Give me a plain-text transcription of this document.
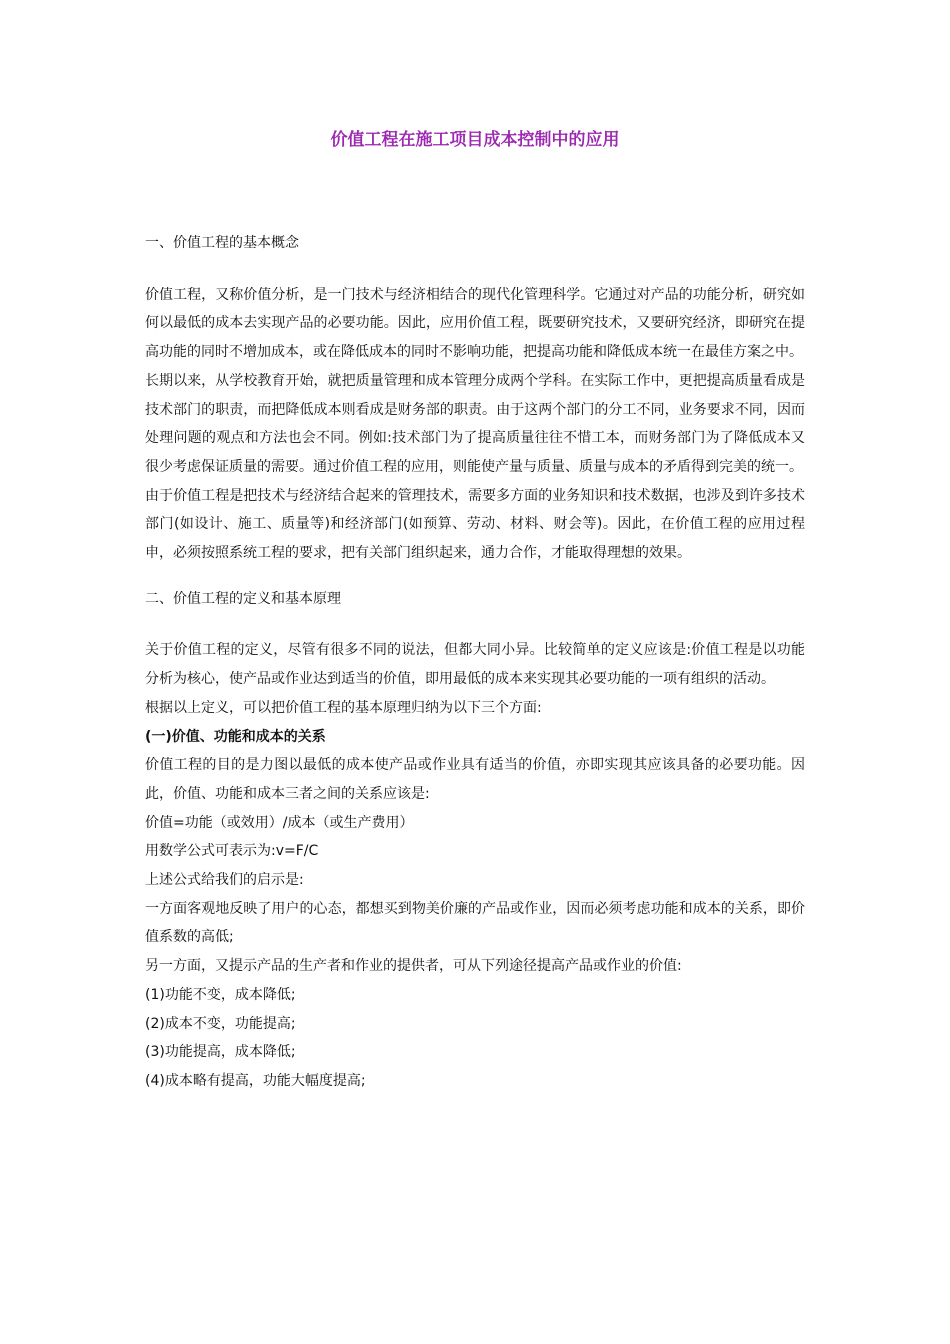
价值工程在施工项目成本控制中的应用

一、价值工程的基本概念

价值工程，又称价值分析，是一门技术与经济相结合的现代化管理科学。它通过对产品的功能分析，研究如何以最低的成本去实现产品的必要功能。因此，应用价值工程，既要研究技术，又要研究经济，即研究在提高功能的同时不增加成本，或在降低成本的同时不影响功能，把提高功能和降低成本统一在最佳方案之中。

长期以来，从学校教育开始，就把质量管理和成本管理分成两个学科。在实际工作中，更把提高质量看成是技术部门的职责，而把降低成本则看成是财务部的职责。由于这两个部门的分工不同，业务要求不同，因而处理问题的观点和方法也会不同。例如:技术部门为了提高质量往往不惜工本，而财务部门为了降低成本又很少考虑保证质量的需要。通过价值工程的应用，则能使产量与质量、质量与成本的矛盾得到完美的统一。

由于价值工程是把技术与经济结合起来的管理技术，需要多方面的业务知识和技术数据，也涉及到许多技术部门(如设计、施工、质量等)和经济部门(如预算、劳动、材料、财会等)。因此，在价值工程的应用过程申，必须按照系统工程的要求，把有关部门组织起来，通力合作，才能取得理想的效果。

二、价值工程的定义和基本原理

关于价值工程的定义，尽管有很多不同的说法，但都大同小异。比较简单的定义应该是:价值工程是以功能分析为核心，使产品或作业达到适当的价值，即用最低的成本来实现其必要功能的一项有组织的活动。

根据以上定义，可以把价值工程的基本原理归纳为以下三个方面:

(一)价值、功能和成本的关系

价值工程的目的是力图以最低的成本使产品或作业具有适当的价值，亦即实现其应该具备的必要功能。因此，价值、功能和成本三者之间的关系应该是:

价值=功能（或效用）/成本（或生产费用）

用数学公式可表示为:v=F/C

上述公式给我们的启示是:

一方面客观地反映了用户的心态，都想买到物美价廉的产品或作业，因而必须考虑功能和成本的关系，即价值系数的高低;

另一方面，又提示产品的生产者和作业的提供者，可从下列途径提高产品或作业的价值:

(1)功能不变，成本降低;

(2)成本不变，功能提高;

(3)功能提高，成本降低;

(4)成本略有提高，功能大幅度提高;
